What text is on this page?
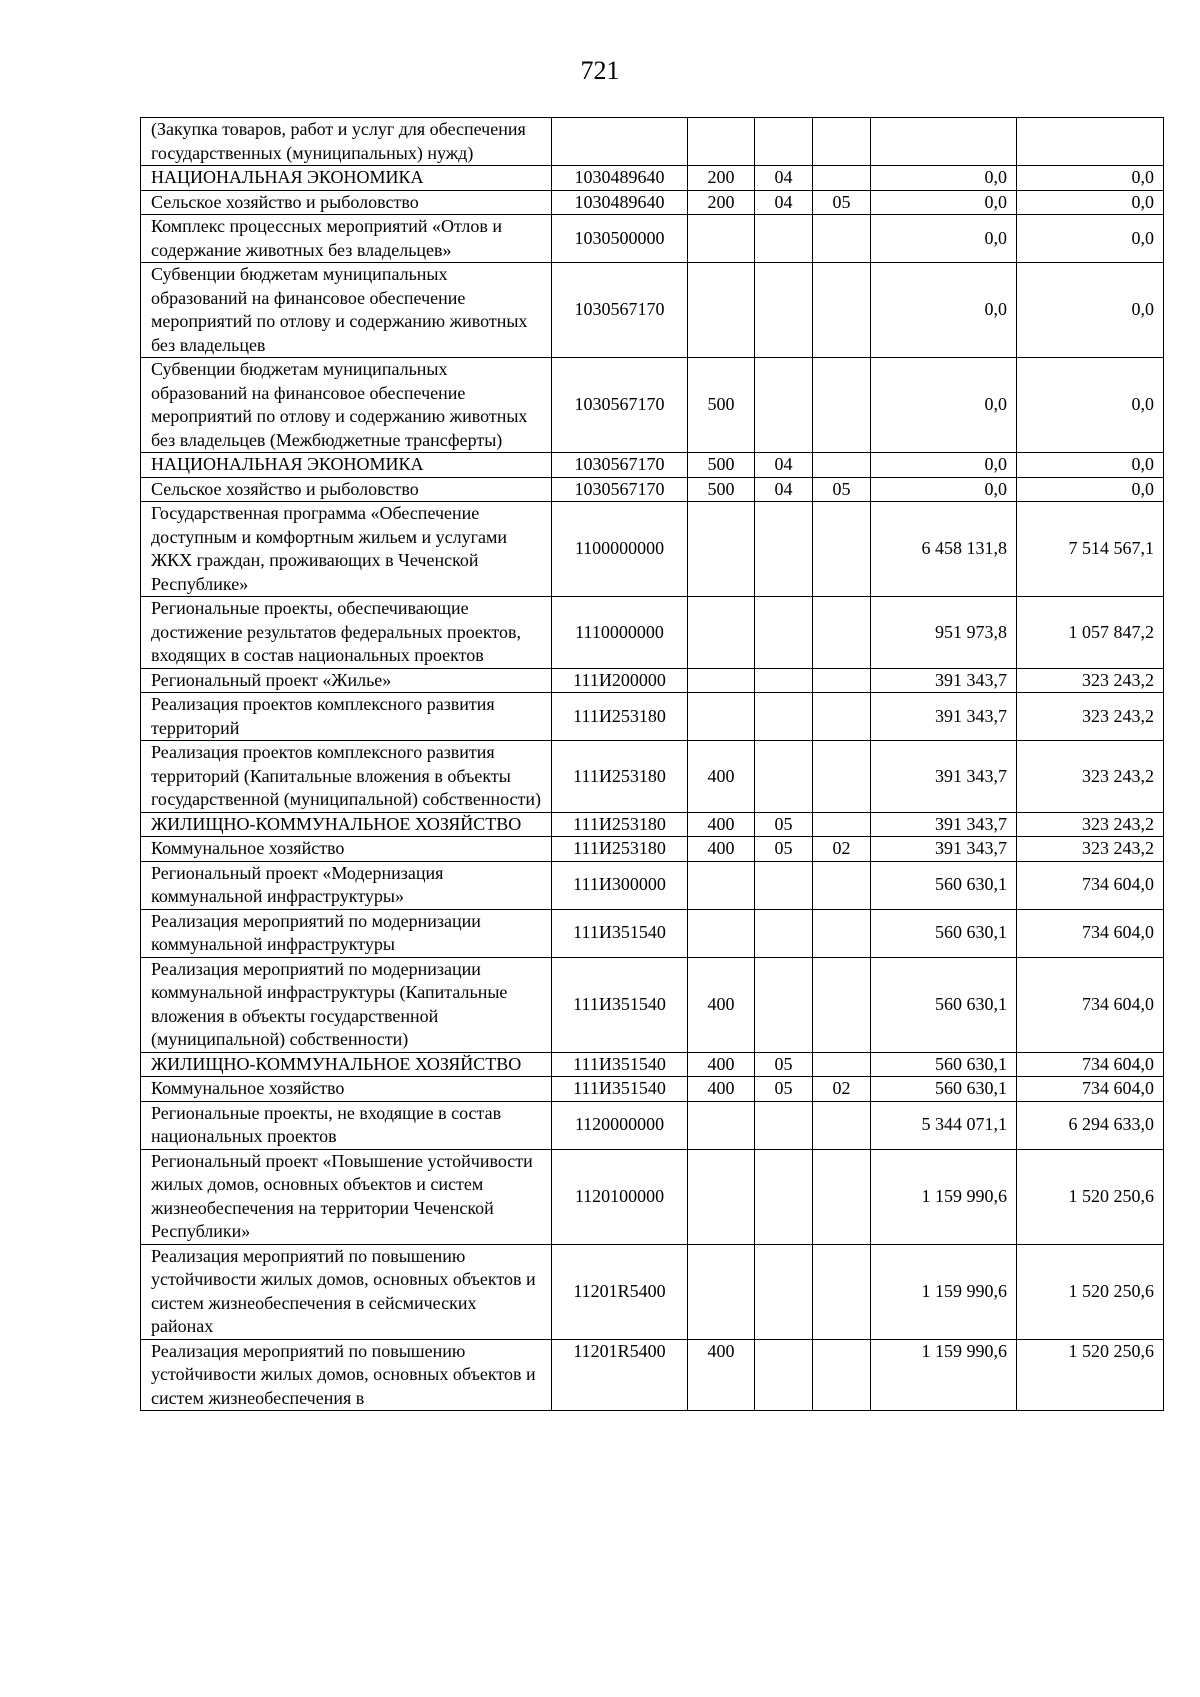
721
(Закупка товаров, работ и услуг для обеспечения государственных (муниципальных) нужд)						
НАЦИОНАЛЬНАЯ ЭКОНОМИКА	1030489640	200	04		0,0	0,0
Сельское хозяйство и рыболовство	1030489640	200	04	05	0,0	0,0
Комплекс процессных мероприятий «Отлов и содержание животных без владельцев»	1030500000				0,0	0,0
Субвенции бюджетам муниципальных образований на финансовое обеспечение мероприятий по отлову и содержанию животных без владельцев	1030567170				0,0	0,0
Субвенции бюджетам муниципальных образований на финансовое обеспечение мероприятий по отлову и содержанию животных без владельцев (Межбюджетные трансферты)	1030567170	500			0,0	0,0
НАЦИОНАЛЬНАЯ ЭКОНОМИКА	1030567170	500	04		0,0	0,0
Сельское хозяйство и рыболовство	1030567170	500	04	05	0,0	0,0
Государственная программа «Обеспечение доступным и комфортным жильем и услугами ЖКХ граждан, проживающих в Чеченской Республике»	1100000000				6 458 131,8	7 514 567,1
Региональные проекты, обеспечивающие достижение результатов федеральных проектов, входящих в состав национальных проектов	1110000000				951 973,8	1 057 847,2
Региональный проект «Жилье»	111И200000				391 343,7	323 243,2
Реализация проектов комплексного развития территорий	111И253180				391 343,7	323 243,2
Реализация проектов комплексного развития территорий (Капитальные вложения в объекты государственной (муниципальной) собственности)	111И253180	400			391 343,7	323 243,2
ЖИЛИЩНО-КОММУНАЛЬНОЕ ХОЗЯЙСТВО	111И253180	400	05		391 343,7	323 243,2
Коммунальное хозяйство	111И253180	400	05	02	391 343,7	323 243,2
Региональный проект «Модернизация коммунальной инфраструктуры»	111И300000				560 630,1	734 604,0
Реализация мероприятий по модернизации коммунальной инфраструктуры	111И351540				560 630,1	734 604,0
Реализация мероприятий по модернизации коммунальной инфраструктуры (Капитальные вложения в объекты государственной (муниципальной) собственности)	111И351540	400			560 630,1	734 604,0
ЖИЛИЩНО-КОММУНАЛЬНОЕ ХОЗЯЙСТВО	111И351540	400	05		560 630,1	734 604,0
Коммунальное хозяйство	111И351540	400	05	02	560 630,1	734 604,0
Региональные проекты, не входящие в состав национальных проектов	1120000000				5 344 071,1	6 294 633,0
Региональный проект «Повышение устойчивости жилых домов, основных объектов и систем жизнеобеспечения на территории Чеченской Республики»	1120100000				1 159 990,6	1 520 250,6
Реализация мероприятий по повышению устойчивости жилых домов, основных объектов и систем жизнеобеспечения в сейсмических районах	11201R5400				1 159 990,6	1 520 250,6
Реализация мероприятий по повышению устойчивости жилых домов, основных объектов и систем жизнеобеспечения в	11201R5400	400			1 159 990,6	1 520 250,6
